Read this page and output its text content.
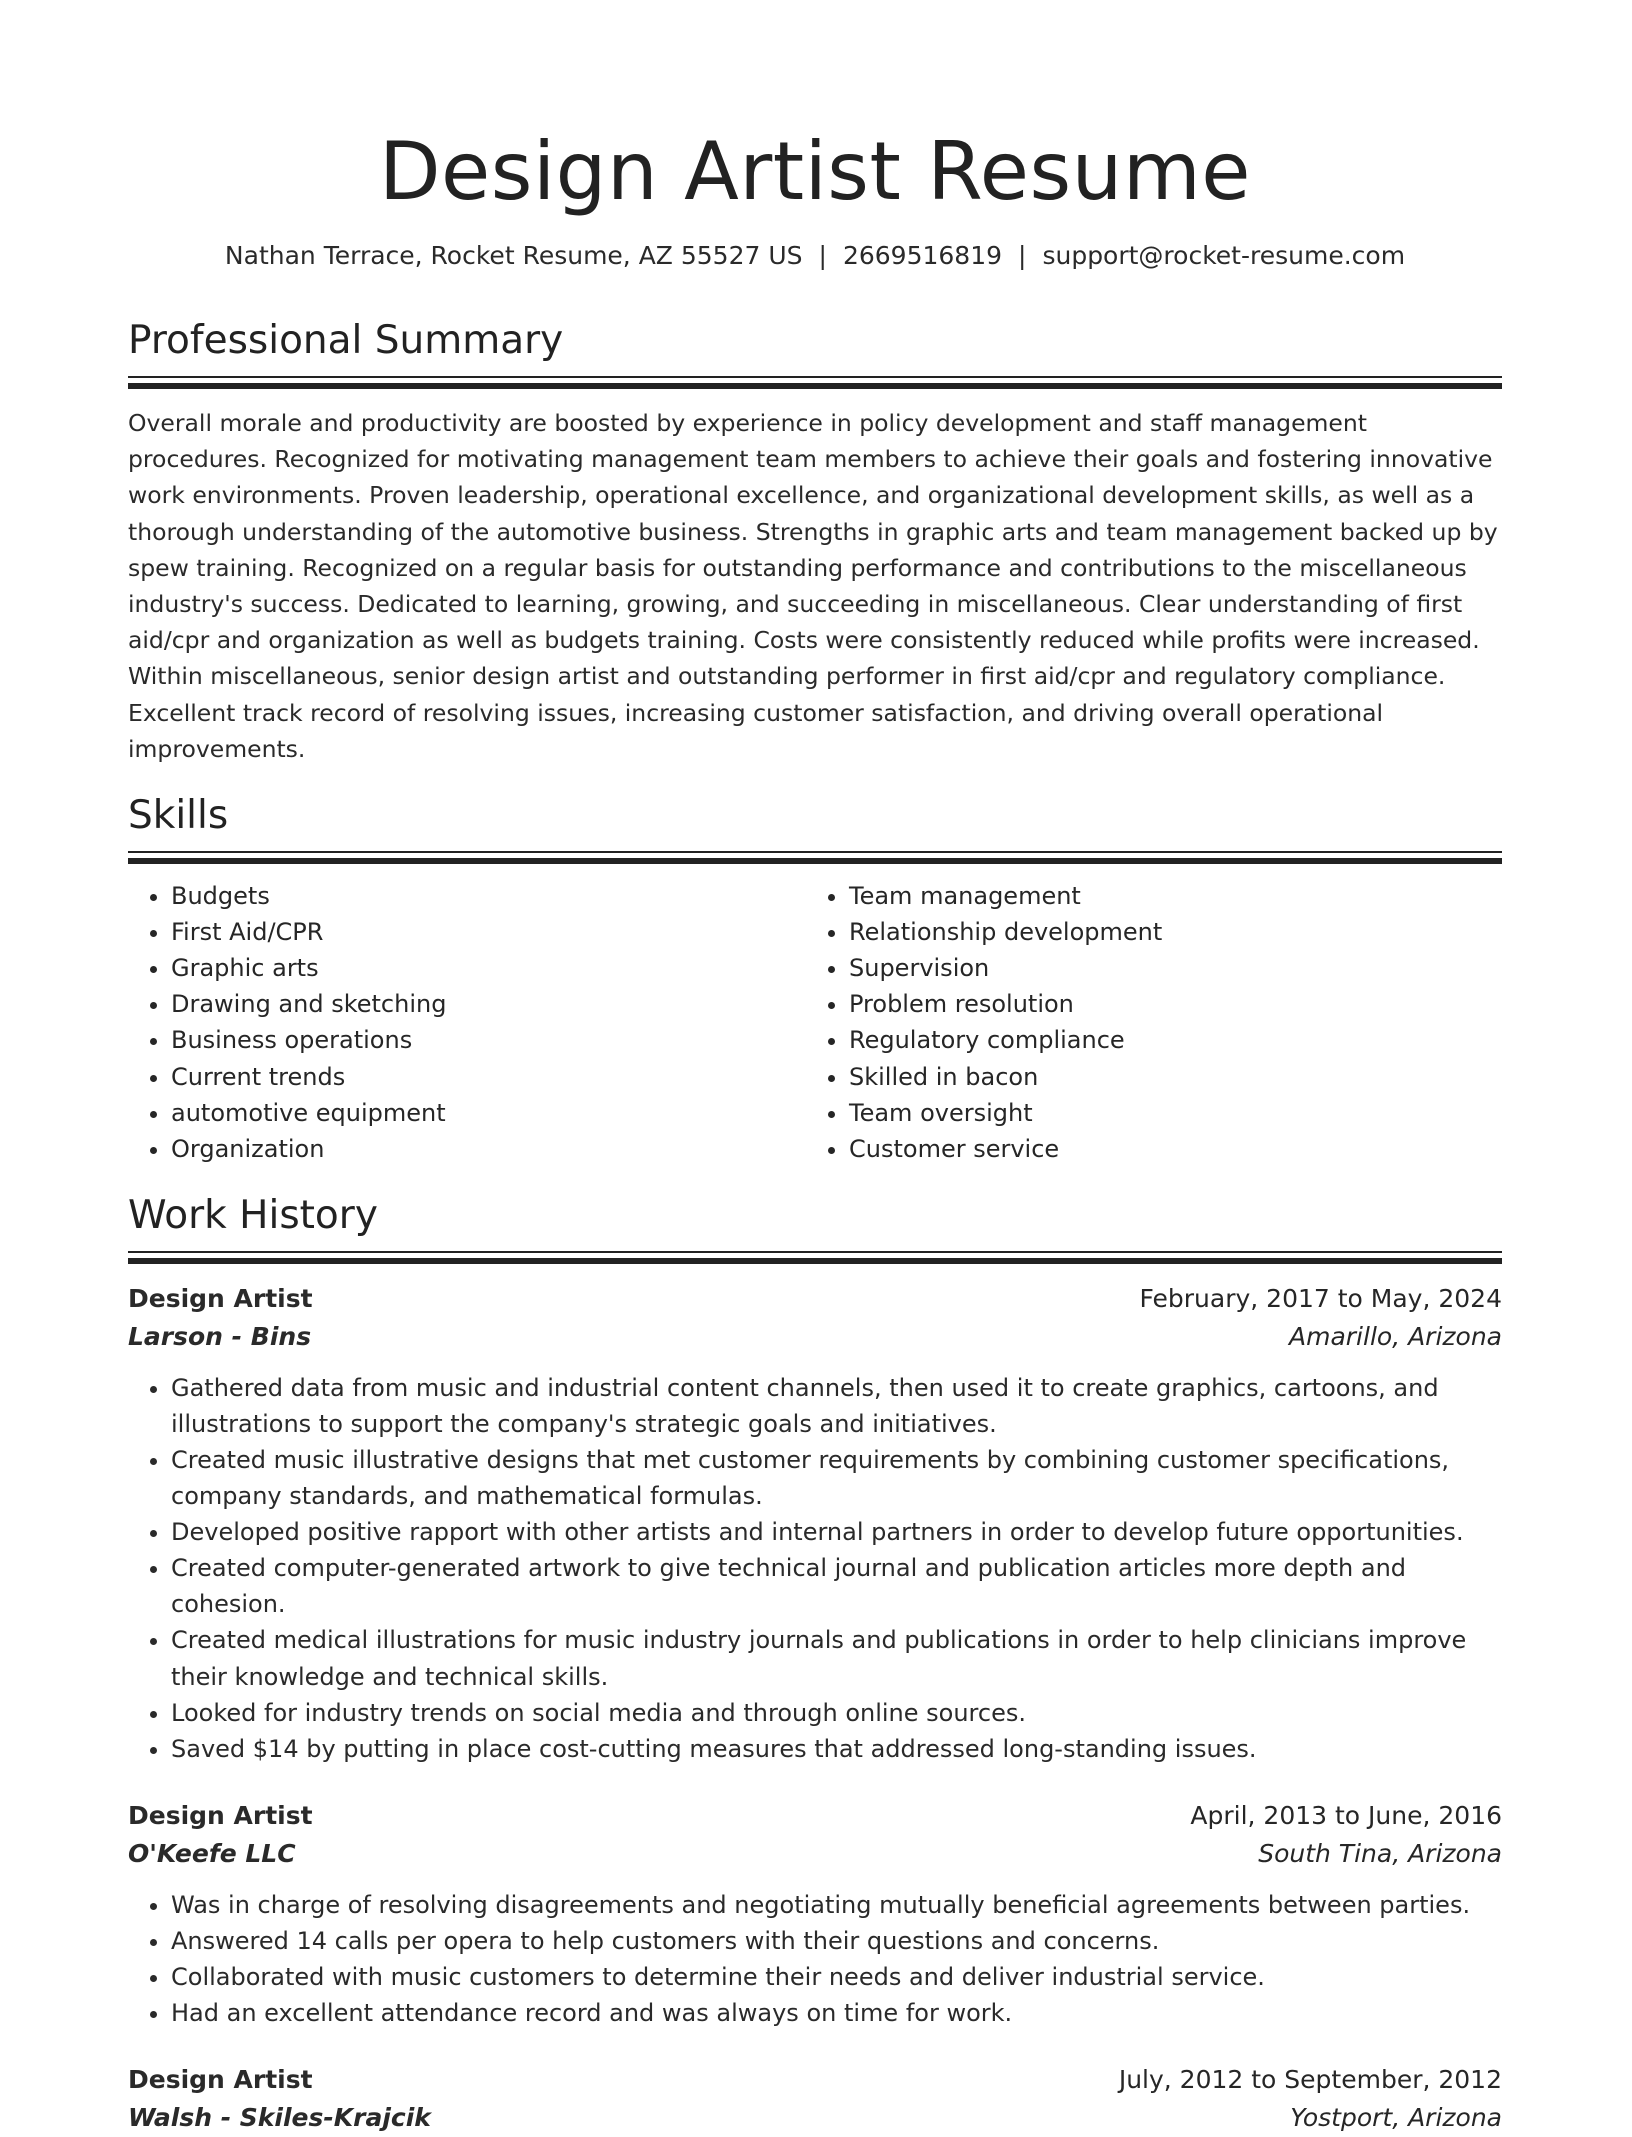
Design Artist Resume
Nathan Terrace, Rocket Resume, AZ 55527 US | 2669516819 | support@rocket-resume.com
Professional Summary
Overall morale and productivity are boosted by experience in policy development and staff management procedures. Recognized for motivating management team members to achieve their goals and fostering innovative work environments. Proven leadership, operational excellence, and organizational development skills, as well as a thorough understanding of the automotive business. Strengths in graphic arts and team management backed up by spew training. Recognized on a regular basis for outstanding performance and contributions to the miscellaneous industry's success. Dedicated to learning, growing, and succeeding in miscellaneous. Clear understanding of first aid/cpr and organization as well as budgets training. Costs were consistently reduced while profits were increased. Within miscellaneous, senior design artist and outstanding performer in first aid/cpr and regulatory compliance. Excellent track record of resolving issues, increasing customer satisfaction, and driving overall operational improvements.
Skills
• Budgets
• First Aid/CPR
• Graphic arts
• Drawing and sketching
• Business operations
• Current trends
• automotive equipment
• Organization
• Team management
• Relationship development
• Supervision
• Problem resolution
• Regulatory compliance
• Skilled in bacon
• Team oversight
• Customer service
Work History
Design Artist	February, 2017 to May, 2024
Larson - Bins	Amarillo, Arizona
• Gathered data from music and industrial content channels, then used it to create graphics, cartoons, and illustrations to support the company's strategic goals and initiatives.
• Created music illustrative designs that met customer requirements by combining customer specifications, company standards, and mathematical formulas.
• Developed positive rapport with other artists and internal partners in order to develop future opportunities.
• Created computer-generated artwork to give technical journal and publication articles more depth and cohesion.
• Created medical illustrations for music industry journals and publications in order to help clinicians improve their knowledge and technical skills.
• Looked for industry trends on social media and through online sources.
• Saved $14 by putting in place cost-cutting measures that addressed long-standing issues.
Design Artist	April, 2013 to June, 2016
O'Keefe LLC	South Tina, Arizona
• Was in charge of resolving disagreements and negotiating mutually beneficial agreements between parties.
• Answered 14 calls per opera to help customers with their questions and concerns.
• Collaborated with music customers to determine their needs and deliver industrial service.
• Had an excellent attendance record and was always on time for work.
Design Artist	July, 2012 to September, 2012
Walsh - Skiles-Krajcik	Yostport, Arizona
